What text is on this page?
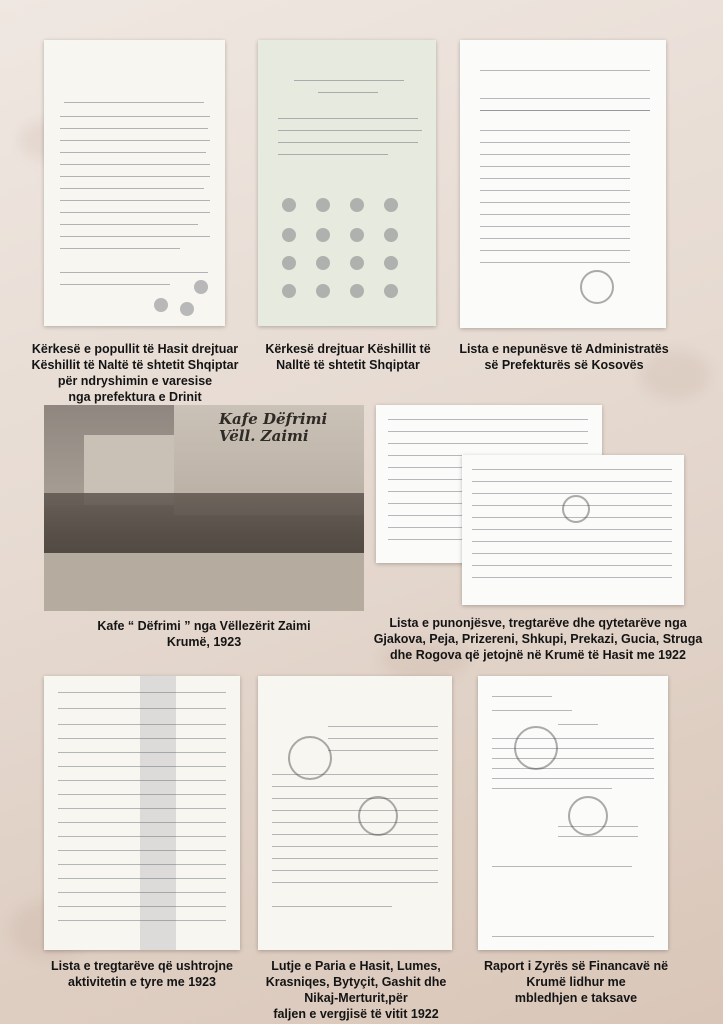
Kërkesë e popullit të Hasit drejtuar
Këshillit të Naltë të shtetit Shqiptar
për ndryshimin e varesise
nga prefektura e Drinit
Kërkesë drejtuar Këshillit të
Nalltë të shtetit Shqiptar
Lista e nepunësve të Administratës
së Prefekturës së Kosovës
Kafe Dëfrimi Vëll. Zaimi
Kafe “ Dëfrimi ” nga Vëllezërit Zaimi
Krumë, 1923
Lista e punonjësve, tregtarëve dhe qytetarëve nga
Gjakova, Peja, Prizereni, Shkupi, Prekazi, Gucia, Struga
dhe Rogova që jetojnë në Krumë të Hasit me 1922
Lista e tregtarëve që ushtrojne
aktivitetin e tyre me 1923
Lutje e Paria e Hasit, Lumes,
Krasniqes, Bytyçit, Gashit dhe
Nikaj-Merturit,për
faljen e vergjisë të vitit 1922
Raport i Zyrës së Financavë në
Krumë lidhur me
mbledhjen e taksave
